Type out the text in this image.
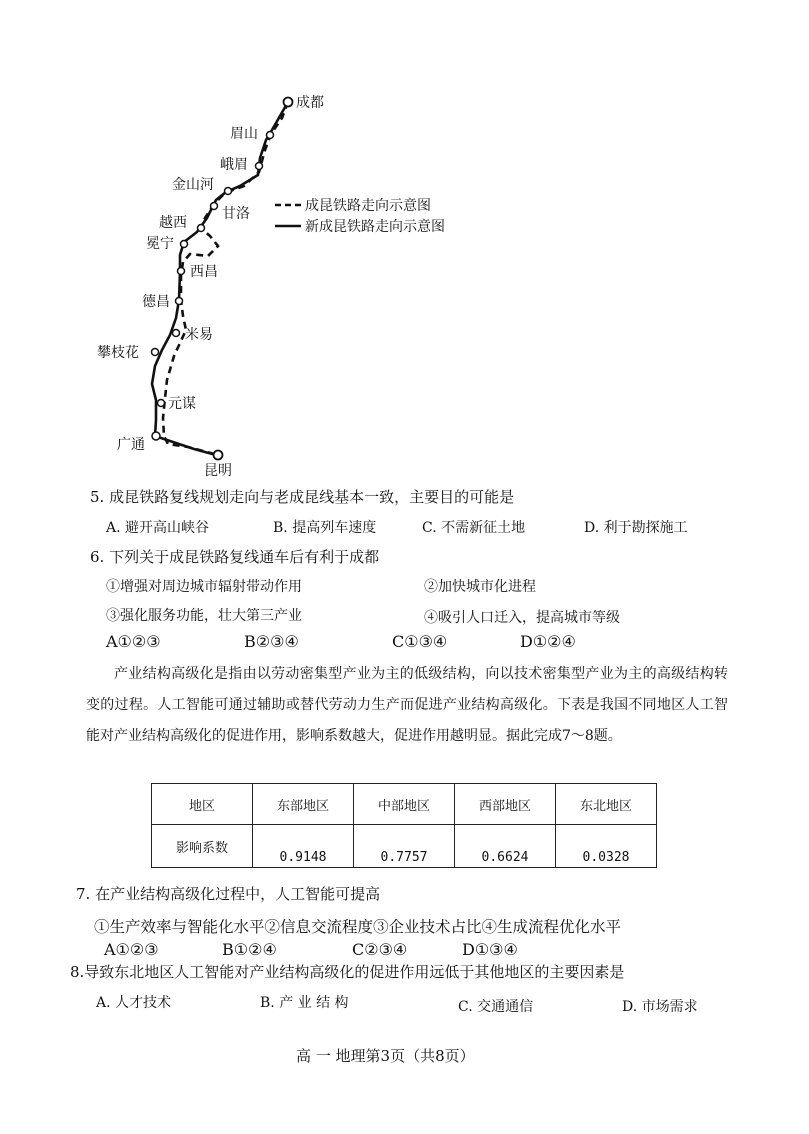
成都
眉山
峨眉
金山河
甘洛
越西
冕宁
西昌
德昌
米易
攀枝花
元谋
广通
昆明
成昆铁路走向示意图
新成昆铁路走向示意图
5. 成昆铁路复线规划走向与老成昆线基本一致，主要目的可能是
A. 避开高山峡谷	B. 提高列车速度	C. 不需新征土地	D. 利于勘探施工
6. 下列关于成昆铁路复线通车后有利于成都
①增强对周边城市辐射带动作用	②加快城市化进程
③强化服务功能，壮大第三产业	④吸引人口迁入，提高城市等级
A①②③	B②③④	C①③④	D①②④
产业结构高级化是指由以劳动密集型产业为主的低级结构，向以技术密集型产业为主的高级结构转变的过程。人工智能可通过辅助或替代劳动力生产而促进产业结构高级化。下表是我国不同地区人工智能对产业结构高级化的促进作用，影响系数越大，促进作用越明显。据此完成7～8题。
地区	东部地区	中部地区	西部地区	东北地区
影响系数	0.9148	0.7757	0.6624	0.0328
7. 在产业结构高级化过程中，人工智能可提高
①生产效率与智能化水平②信息交流程度③企业技术占比④生成流程优化水平
A①②③	B①②④	C②③④	D①③④
8.导致东北地区人工智能对产业结构高级化的促进作用远低于其他地区的主要因素是
A. 人才技术	B. 产 业 结 构	C. 交通通信	D. 市场需求
高 一 地理第3页（共8页）
